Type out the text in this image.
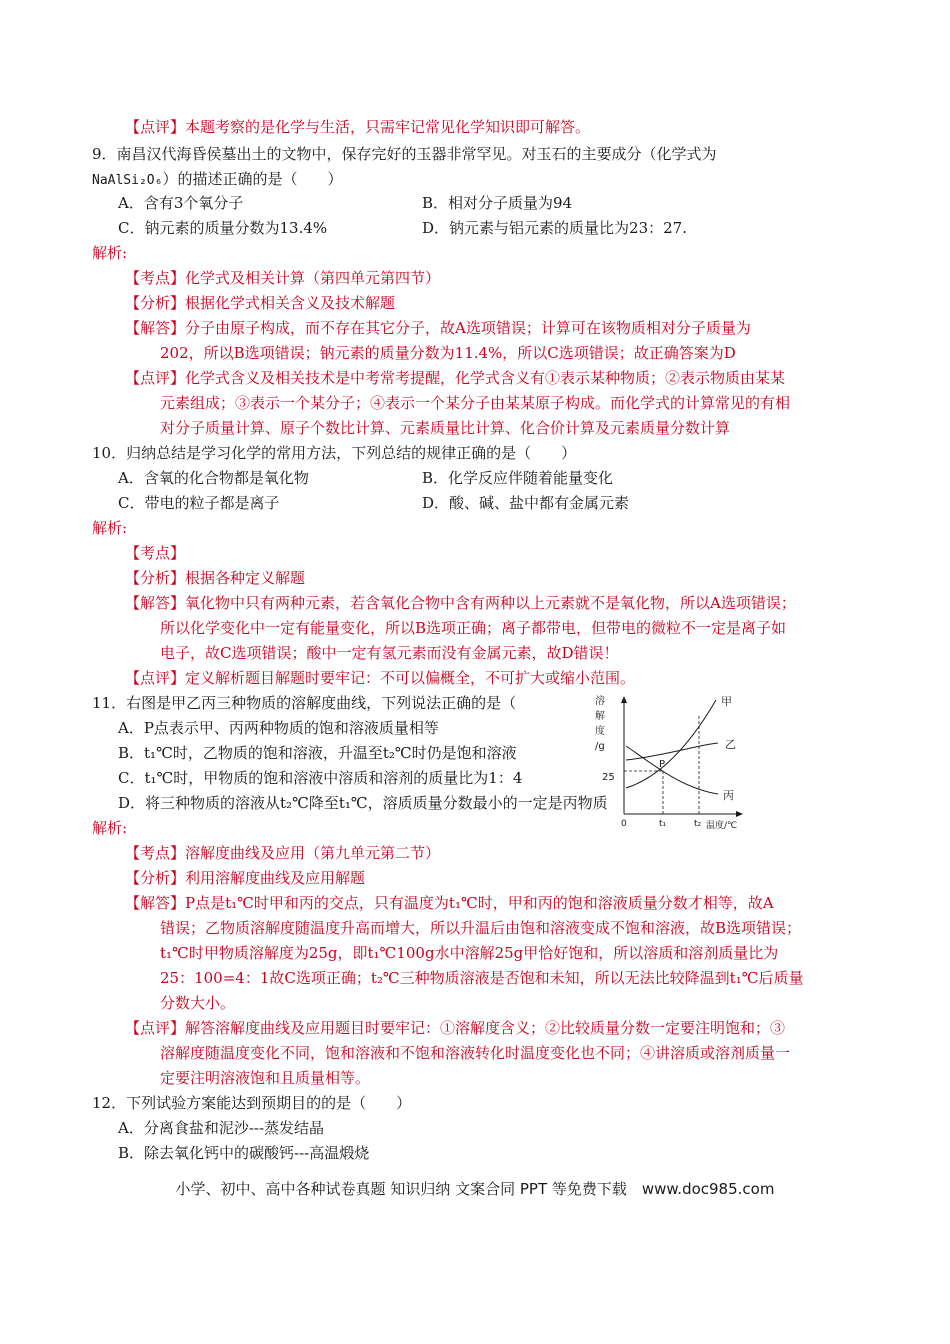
【点评】本题考察的是化学与生活，只需牢记常见化学知识即可解答。
9．南昌汉代海昏侯墓出土的文物中，保存完好的玉器非常罕见。对玉石的主要成分（化学式为
NaAlSi₂O₆）的描述正确的是（　　）
A．含有3个氧分子	B．相对分子质量为94
C．钠元素的质量分数为13.4%	D．钠元素与铝元素的质量比为23：27.
解析:
【考点】化学式及相关计算（第四单元第四节）
【分析】根据化学式相关含义及技术解题
【解答】分子由原子构成，而不存在其它分子，故A选项错误；计算可在该物质相对分子质量为
202，所以B选项错误；钠元素的质量分数为11.4%，所以C选项错误；故正确答案为D
【点评】化学式含义及相关技术是中考常考提醒，化学式含义有①表示某种物质；②表示物质由某某
元素组成；③表示一个某分子；④表示一个某分子由某某原子构成。而化学式的计算常见的有相
对分子质量计算、原子个数比计算、元素质量比计算、化合价计算及元素质量分数计算
10．归纳总结是学习化学的常用方法，下列总结的规律正确的是（　　）
A．含氧的化合物都是氧化物	B．化学反应伴随着能量变化
C．带电的粒子都是离子	D．酸、碱、盐中都有金属元素
解析:
【考点】
【分析】根据各种定义解题
【解答】氧化物中只有两种元素，若含氧化合物中含有两种以上元素就不是氧化物，所以A选项错误；
所以化学变化中一定有能量变化，所以B选项正确；离子都带电，但带电的微粒不一定是离子如
电子，故C选项错误；酸中一定有氢元素而没有金属元素，故D错误！
【点评】定义解析题目解题时要牢记：不可以偏概全，不可扩大或缩小范围。
11．右图是甲乙丙三种物质的溶解度曲线，下列说法正确的是（
A．P点表示甲、丙两种物质的饱和溶液质量相等
B．t₁℃时，乙物质的饱和溶液，升温至t₂℃时仍是饱和溶液
C．t₁℃时，甲物质的饱和溶液中溶质和溶剂的质量比为1：4
D．将三种物质的溶液从t₂℃降至t₁℃，溶质质量分数最小的一定是丙物质
解析:
溶
解
度
/g
25
P
甲
乙
丙
0	t₁	t₂ 温度/℃
【考点】溶解度曲线及应用（第九单元第二节）
【分析】利用溶解度曲线及应用解题
【解答】P点是t₁℃时甲和丙的交点，只有温度为t₁℃时，甲和丙的饱和溶液质量分数才相等，故A
错误；乙物质溶解度随温度升高而增大，所以升温后由饱和溶液变成不饱和溶液，故B选项错误；
t₁℃时甲物质溶解度为25g，即t₁℃100g水中溶解25g甲恰好饱和，所以溶质和溶剂质量比为
25：100=4：1故C选项正确；t₂℃三种物质溶液是否饱和未知，所以无法比较降温到t₁℃后质量
分数大小。
【点评】解答溶解度曲线及应用题目时要牢记：①溶解度含义；②比较质量分数一定要注明饱和；③
溶解度随温度变化不同，饱和溶液和不饱和溶液转化时温度变化也不同；④讲溶质或溶剂质量一
定要注明溶液饱和且质量相等。
12．下列试验方案能达到预期目的的是（　　）
A．分离食盐和泥沙---蒸发结晶
B．除去氧化钙中的碳酸钙---高温煅烧
小学、初中、高中各种试卷真题 知识归纳 文案合同 PPT 等免费下载　www.doc985.com
